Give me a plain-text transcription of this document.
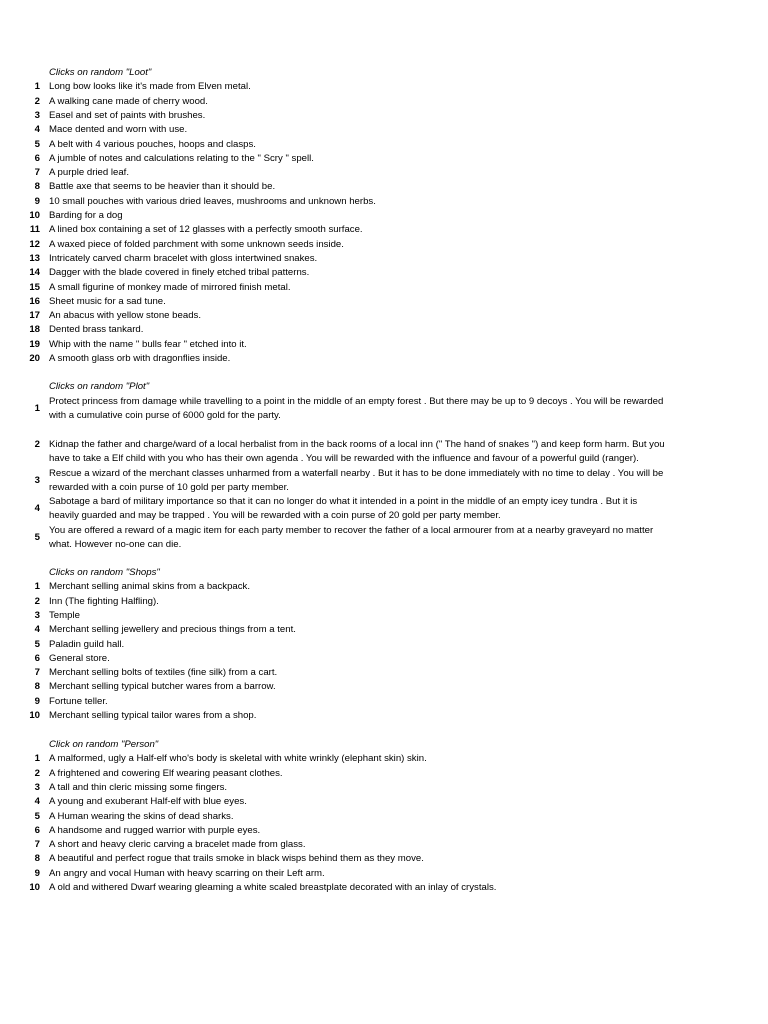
Clicks on random "Loot"
1 Long bow looks like it's made from Elven metal.
2 A walking cane made of cherry wood.
3 Easel and set of paints with brushes.
4 Mace dented and worn with use.
5 A belt with 4 various pouches, hoops and clasps.
6 A jumble of notes and calculations relating to the " Scry " spell.
7 A purple dried leaf.
8 Battle axe that seems to be heavier than it should be.
9 10 small pouches with various dried leaves, mushrooms and unknown herbs.
10 Barding for a dog
11 A lined box containing a set of 12 glasses with a perfectly smooth surface.
12 A waxed piece of folded parchment with some unknown seeds inside.
13 Intricately carved charm bracelet with gloss intertwined snakes.
14 Dagger with the blade covered in finely etched tribal patterns.
15 A small figurine of monkey made of mirrored finish metal.
16 Sheet music for a sad tune.
17 An abacus with yellow stone beads.
18 Dented brass tankard.
19 Whip with the name " bulls fear " etched into it.
20 A smooth glass orb with dragonflies inside.
Clicks on random "Plot"
1
Protect princess from damage while travelling to a point in the middle of an empty forest . But there may be up to 9 decoys . You will be rewarded
with a cumulative coin purse of 6000 gold for the party.
2 Kidnap the father and charge/ward of a local herbalist from in the back rooms of a local inn (" The hand of snakes ") and keep form harm. But you
have to take a Elf child with you who has their own agenda . You will be rewarded with the influence and favour of a powerful guild (ranger).
3
Rescue a wizard of the merchant classes unharmed from a waterfall nearby . But it has to be done immediately with no time to delay . You will be
rewarded with a coin purse of 10 gold per party member.
4
Sabotage a bard of military importance so that it can no longer do what it intended in a point in the middle of an empty icey tundra . But it is
heavily guarded and may be trapped . You will be rewarded with a coin purse of 20 gold per party member.
5
You are offered a reward of a magic item for each party member to recover the father of a local armourer from at a nearby graveyard no matter
what. However no-one can die.
Clicks on random "Shops"
1 Merchant selling animal skins from a backpack.
2 Inn (The fighting Halfling).
3 Temple
4 Merchant selling jewellery and precious things from a tent.
5 Paladin guild hall.
6 General store.
7 Merchant selling bolts of textiles (fine silk) from a cart.
8 Merchant selling typical butcher wares from a barrow.
9 Fortune teller.
10 Merchant selling typical tailor wares from a shop.
Click on random "Person"
1 A malformed, ugly a Half-elf who's body is skeletal with white wrinkly (elephant skin) skin.
2 A frightened and cowering Elf wearing peasant clothes.
3 A tall and thin cleric missing some fingers.
4 A young and exuberant Half-elf with blue eyes.
5 A Human wearing the skins of dead sharks.
6 A handsome and rugged warrior with purple eyes.
7 A short and heavy cleric carving a bracelet made from glass.
8 A beautiful and perfect rogue that trails smoke in black wisps behind them as they move.
9 An angry and vocal Human with heavy scarring on their Left arm.
10 A old and withered Dwarf wearing gleaming a white scaled breastplate decorated with an inlay of crystals.
